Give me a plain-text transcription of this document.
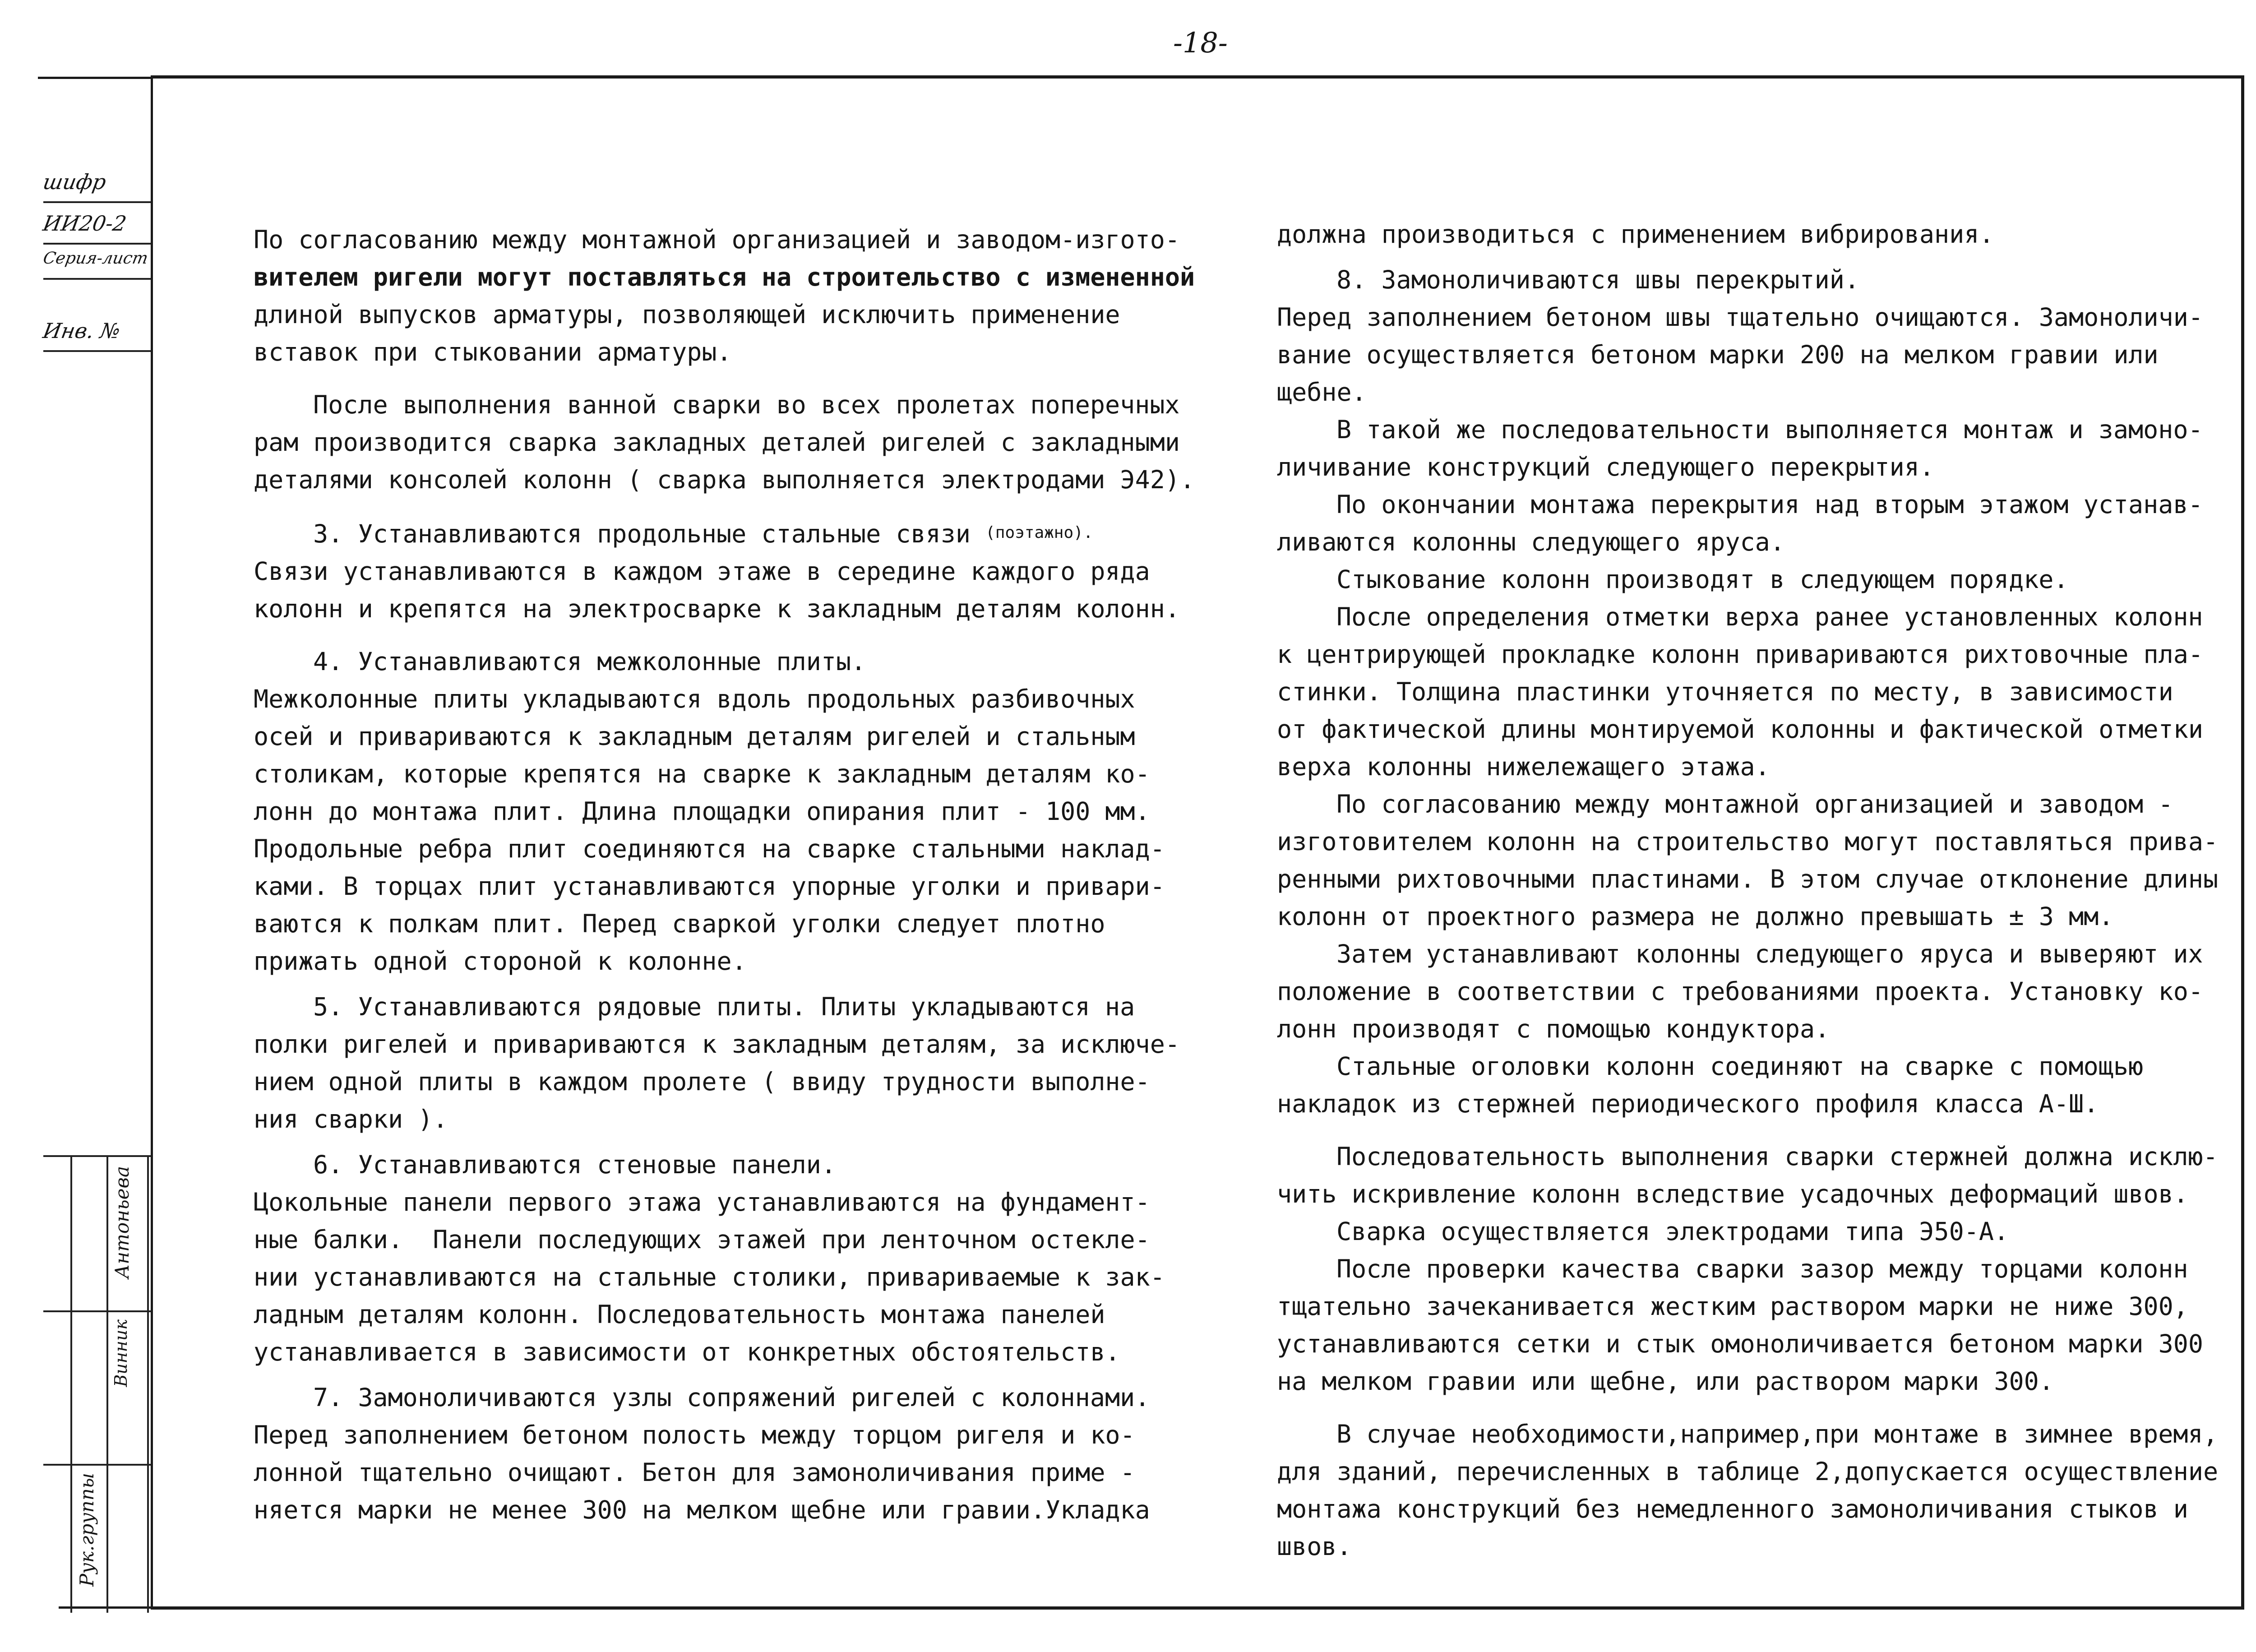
-18-
шифр
ИИ20-2
Серия-лист
Инв. №
Рук.группы
Винник
Антоньева

По согласованию между монтажной организацией и заводом-изгото-

вителем ригели могут поставляться на строительство с измененной

длиной выпусков арматуры, позволяющей исключить применение

вставок при стыковании арматуры.

После выполнения ванной сварки во всех пролетах поперечных

рам производится сварка закладных деталей ригелей с закладными

деталями консолей колонн ( сварка выполняется электродами Э42).

3. Устанавливаются продольные стальные связи (поэтажно).

Связи устанавливаются в каждом этаже в середине каждого ряда

колонн и крепятся на электросварке к закладным деталям колонн.

4. Устанавливаются межколонные плиты.

Межколонные плиты укладываются вдоль продольных разбивочных

осей и привариваются к закладным деталям ригелей и стальным

столикам, которые крепятся на сварке к закладным деталям ко-

лонн до монтажа плит. Длина площадки опирания плит - 100 мм.

Продольные ребра плит соединяются на сварке стальными наклад-

ками. В торцах плит устанавливаются упорные уголки и привари-

ваются к полкам плит. Перед сваркой уголки следует плотно

прижать одной стороной к колонне.

5. Устанавливаются рядовые плиты. Плиты укладываются на

полки ригелей и привариваются к закладным деталям, за исключе-

нием одной плиты в каждом пролете ( ввиду трудности выполне-

ния сварки ).

6. Устанавливаются стеновые панели.

Цокольные панели первого этажа устанавливаются на фундамент-

ные балки.  Панели последующих этажей при ленточном остекле-

нии устанавливаются на стальные столики, привариваемые к зак-

ладным деталям колонн. Последовательность монтажа панелей

устанавливается в зависимости от конкретных обстоятельств.

7. Замоноличиваются узлы сопряжений ригелей с колоннами.

Перед заполнением бетоном полость между торцом ригеля и ко-

лонной тщательно очищают. Бетон для замоноличивания приме -

няется марки не менее 300 на мелком щебне или гравии.Укладка

должна производиться с применением вибрирования.

8. Замоноличиваются швы перекрытий.

Перед заполнением бетоном швы тщательно очищаются. Замоноличи-

вание осуществляется бетоном марки 200 на мелком гравии или

щебне.

В такой же последовательности выполняется монтаж и замоно-

личивание конструкций следующего перекрытия.

По окончании монтажа перекрытия над вторым этажом устанав-

ливаются колонны следующего яруса.

Стыкование колонн производят в следующем порядке.

После определения отметки верха ранее установленных колонн

к центрирующей прокладке колонн привариваются рихтовочные пла-

стинки. Толщина пластинки уточняется по месту, в зависимости

от фактической длины монтируемой колонны и фактической отметки

верха колонны нижележащего этажа.

По согласованию между монтажной организацией и заводом -

изготовителем колонн на строительство могут поставляться прива-

ренными рихтовочными пластинами. В этом случае отклонение длины

колонн от проектного размера не должно превышать ± 3 мм.

Затем устанавливают колонны следующего яруса и выверяют их

положение в соответствии с требованиями проекта. Установку ко-

лонн производят с помощью кондуктора.

Стальные оголовки колонн соединяют на сварке с помощью

накладок из стержней периодического профиля класса А-Ш.

Последовательность выполнения сварки стержней должна исклю-

чить искривление колонн вследствие усадочных деформаций швов.

Сварка осуществляется электродами типа Э50-А.

После проверки качества сварки зазор между торцами колонн

тщательно зачеканивается жестким раствором марки не ниже 300,

устанавливаются сетки и стык омоноличивается бетоном марки 300

на мелком гравии или щебне, или раствором марки 300.

В случае необходимости,например,при монтаже в зимнее время,

для зданий, перечисленных в таблице 2,допускается осуществление

монтажа конструкций без немедленного замоноличивания стыков и

швов.
